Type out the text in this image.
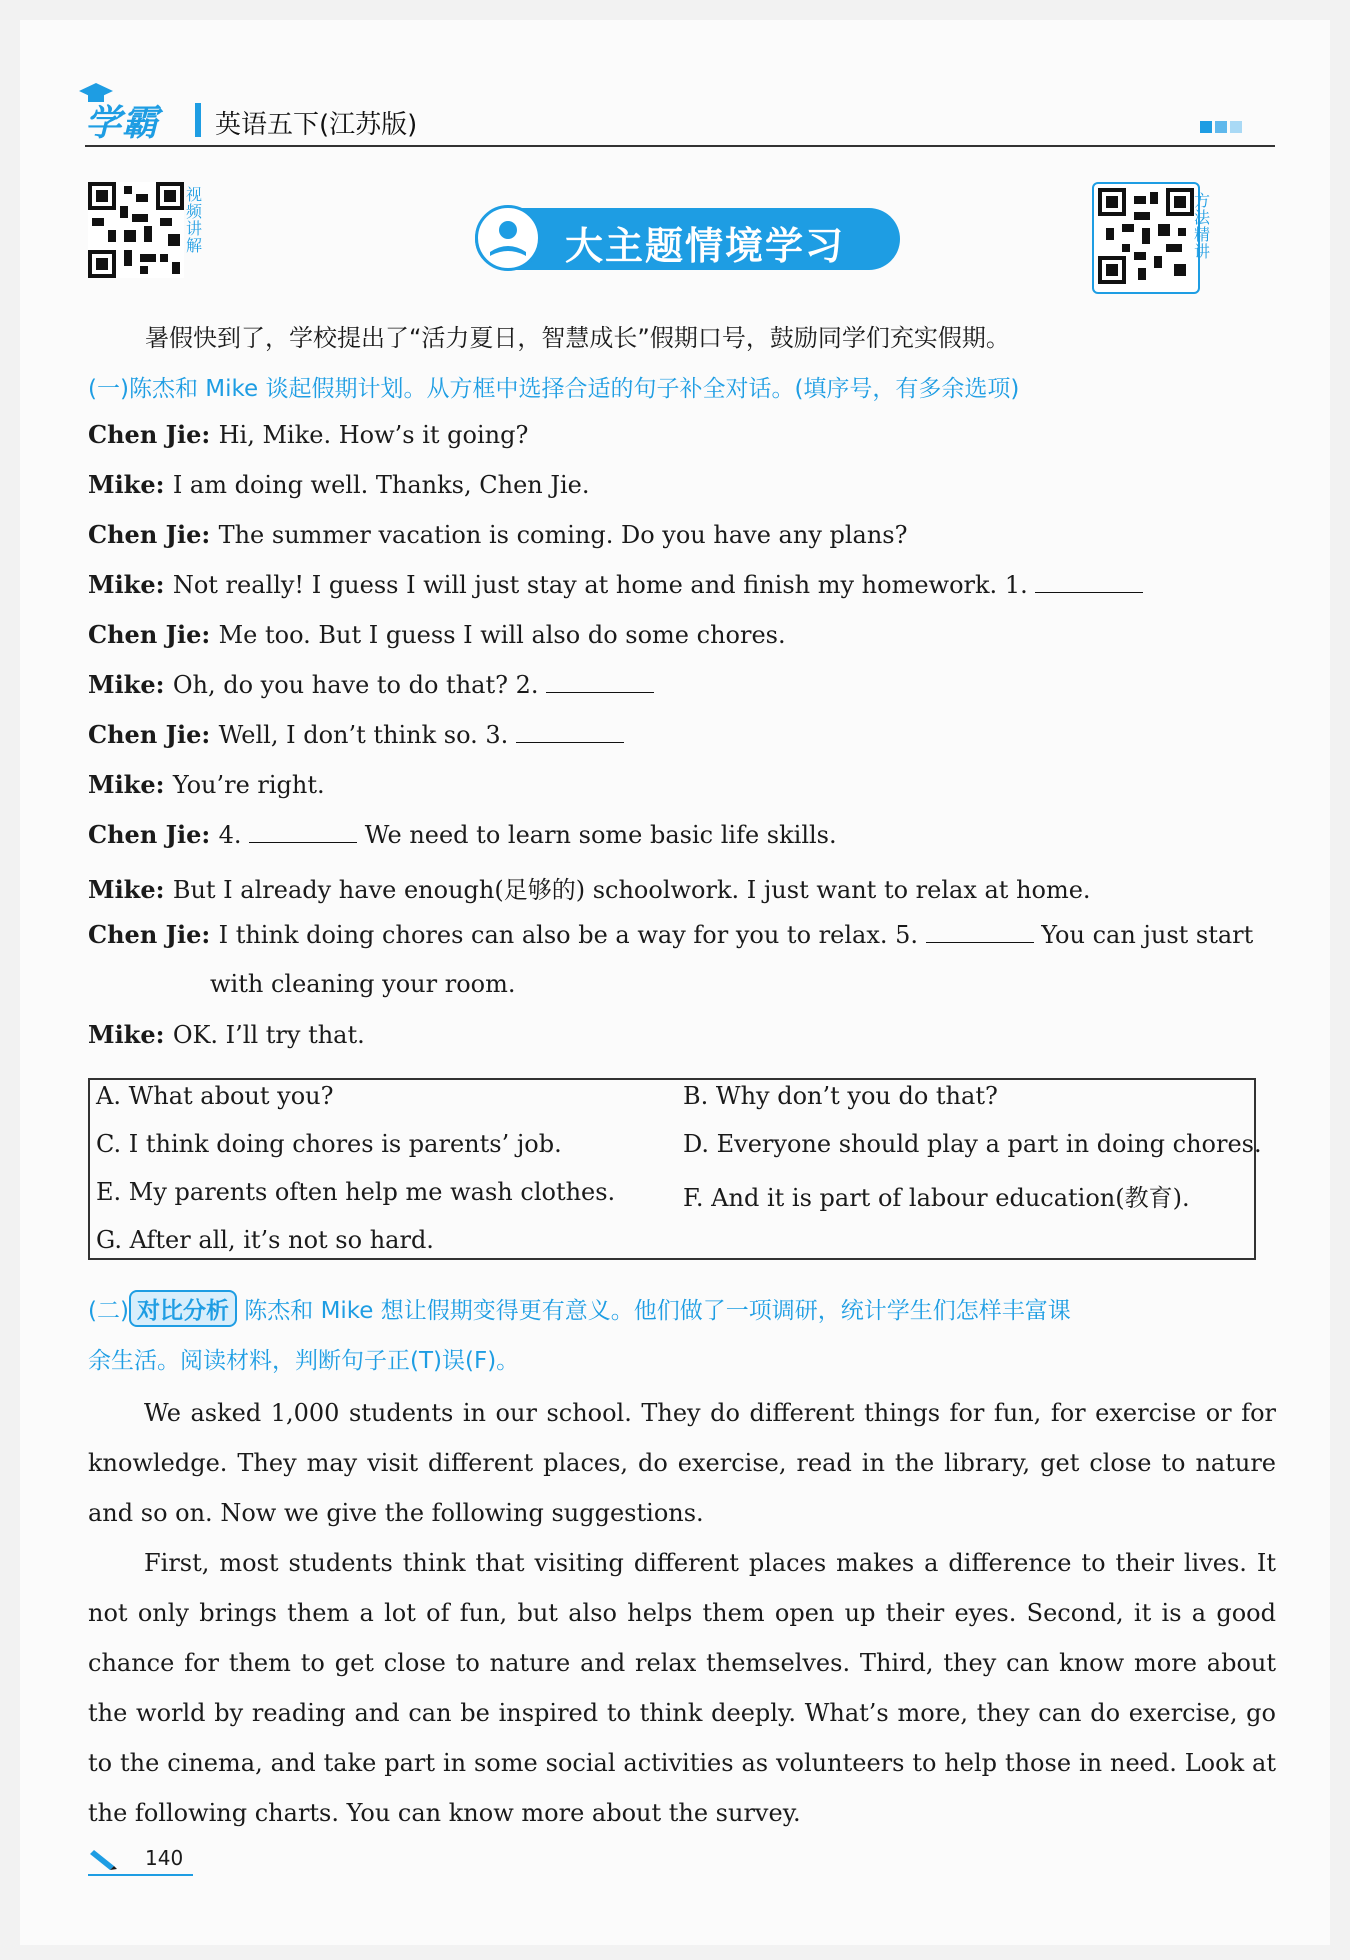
学霸 英语五下(江苏版)
视
频
讲
解
方
法
精
讲
大主题情境学习
暑假快到了，学校提出了“活力夏日，智慧成长”假期口号，鼓励同学们充实假期。
(一)陈杰和 Mike 谈起假期计划。从方框中选择合适的句子补全对话。(填序号，有多余选项)
Chen Jie: Hi, Mike. How’s it going?
Mike: I am doing well. Thanks, Chen Jie.
Chen Jie: The summer vacation is coming. Do you have any plans?
Mike: Not really! I guess I will just stay at home and finish my homework. 1.
Chen Jie: Me too. But I guess I will also do some chores.
Mike: Oh, do you have to do that? 2.
Chen Jie: Well, I don’t think so. 3.
Mike: You’re right.
Chen Jie: 4.	We need to learn some basic life skills.
Mike: But I already have enough(足够的) schoolwork. I just want to relax at home.
Chen Jie: I think doing chores can also be a way for you to relax. 5.	You can just start
with cleaning your room.
Mike: OK. I’ll try that.
A. What about you?	B. Why don’t you do that?
C. I think doing chores is parents’ job.	D. Everyone should play a part in doing chores.
E. My parents often help me wash clothes.	F. And it is part of labour education(教育).
G. After all, it’s not so hard.
(二) 对比分析 陈杰和 Mike 想让假期变得更有意义。他们做了一项调研，统计学生们怎样丰富课
余生活。阅读材料，判断句子正(T)误(F)。

We asked 1,000 students in our school. They do different things for fun, for exercise or for knowledge. They may visit different places, do exercise, read in the library, get close to nature and so on. Now we give the following suggestions.

First, most students think that visiting different places makes a difference to their lives. It not only brings them a lot of fun, but also helps them open up their eyes. Second, it is a good chance for them to get close to nature and relax themselves. Third, they can know more about the world by reading and can be inspired to think deeply. What’s more, they can do exercise, go to the cinema, and take part in some social activities as volunteers to help those in need. Look at the following charts. You can know more about the survey.

140
